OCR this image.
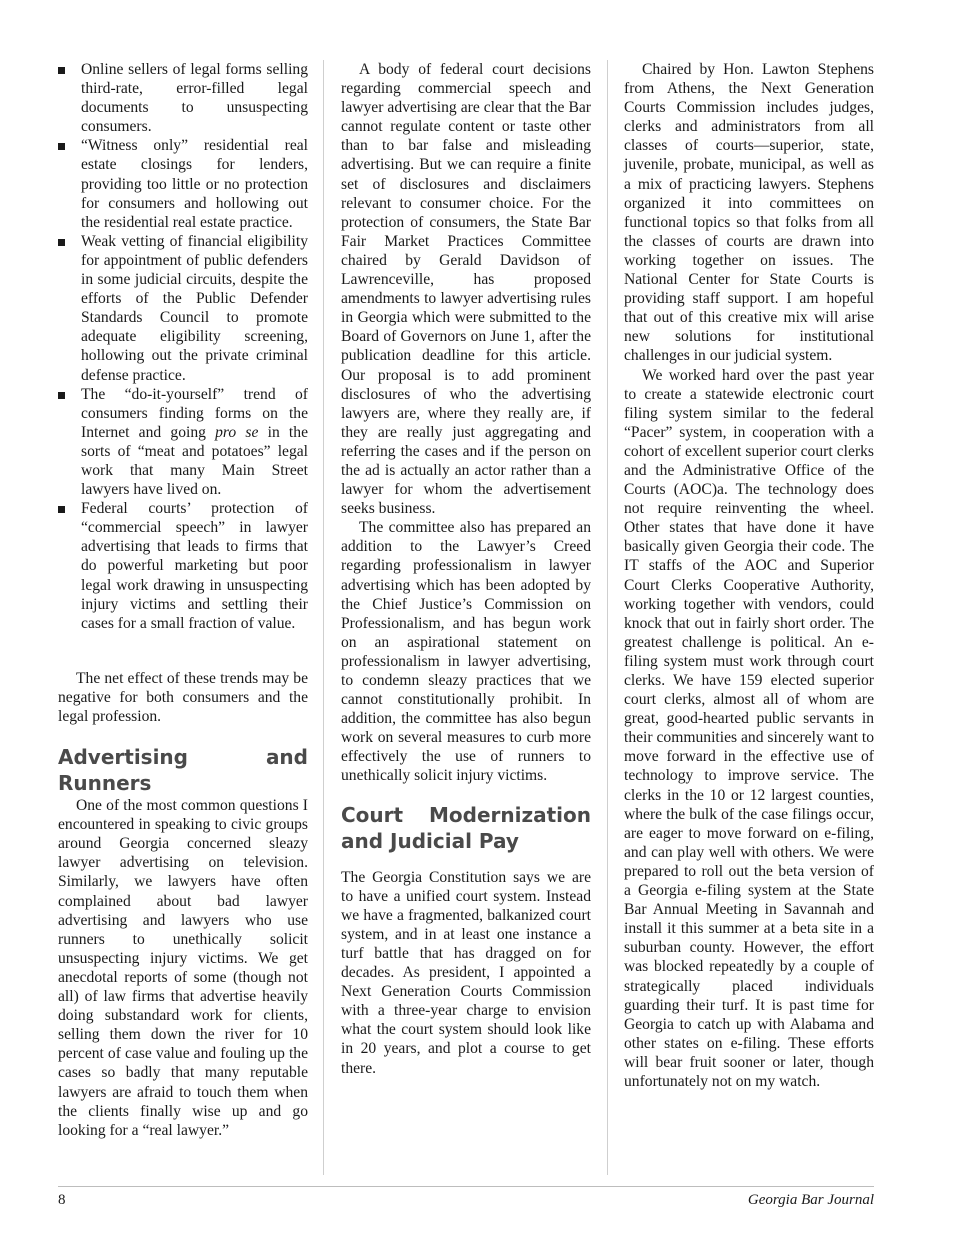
Online sellers of legal forms selling third-rate, error-filled legal documents to unsuspecting consumers.
“Witness only” residential real estate closings for lenders, providing too little or no protection for consumers and hollowing out the residential real estate practice.
Weak vetting of financial eligibility for appointment of public defenders in some judicial circuits, despite the efforts of the Public Defender Standards Council to promote adequate eligibility screening, hollowing out the private criminal defense practice.
The “do-it-yourself” trend of consumers finding forms on the Internet and going pro se in the sorts of “meat and potatoes” legal work that many Main Street lawyers have lived on.
Federal courts’ protection of “commercial speech” in lawyer advertising that leads to firms that do powerful marketing but poor legal work drawing in unsuspecting injury victims and settling their cases for a small fraction of value.

The net effect of these trends may be negative for both consumers and the legal profession.

Advertising and Runners

One of the most common questions I encountered in speaking to civic groups around Georgia concerned sleazy lawyer advertising on television. Similarly, we lawyers have often complained about bad lawyer advertising and lawyers who use runners to unethically solicit unsuspecting injury victims. We get anecdotal reports of some (though not all) of law firms that advertise heavily doing substandard work for clients, selling them down the river for 10 percent of case value and fouling up the cases so badly that many reputable lawyers are afraid to touch them when the clients finally wise up and go looking for a “real lawyer.”

A body of federal court decisions regarding commercial speech and lawyer advertising are clear that the Bar cannot regulate content or taste other than to bar false and misleading advertising. But we can require a finite set of disclosures and disclaimers relevant to consumer choice. For the protection of consumers, the State Bar Fair Market Practices Committee chaired by Gerald Davidson of Lawrenceville, has proposed amendments to lawyer advertising rules in Georgia which were submitted to the Board of Governors on June 1, after the publication deadline for this article. Our proposal is to add prominent disclosures of who the advertising lawyers are, where they really are, if they are really just aggregating and referring the cases and if the person on the ad is actually an actor rather than a lawyer for whom the advertisement seeks business.

The committee also has prepared an addition to the Lawyer’s Creed regarding professionalism in lawyer advertising which has been adopted by the Chief Justice’s Commission on Professionalism, and has begun work on an aspirational statement on professionalism in lawyer advertising, to condemn sleazy practices that we cannot constitutionally prohibit. In addition, the committee has also begun work on several measures to curb more effectively the use of runners to unethically solicit injury victims.

Court Modernization and Judicial Pay

The Georgia Constitution says we are to have a unified court system. Instead we have a fragmented, balkanized court system, and in at least one instance a turf battle that has dragged on for decades. As president, I appointed a Next Generation Courts Commission with a three-year charge to envision what the court system should look like in 20 years, and plot a course to get there.

Chaired by Hon. Lawton Stephens from Athens, the Next Generation Courts Commission includes judges, clerks and administrators from all classes of courts—superior, state, juvenile, probate, municipal, as well as a mix of practicing lawyers. Stephens organized it into committees on functional topics so that folks from all the classes of courts are drawn into working together on issues. The National Center for State Courts is providing staff support. I am hopeful that out of this creative mix will arise new solutions for institutional challenges in our judicial system.

We worked hard over the past year to create a statewide electronic court filing system similar to the federal “Pacer” system, in cooperation with a cohort of excellent superior court clerks and the Administrative Office of the Courts (AOC)a. The technology does not require reinventing the wheel. Other states that have done it have basically given Georgia their code. The IT staffs of the AOC and Superior Court Clerks Cooperative Authority, working together with vendors, could knock that out in fairly short order. The greatest challenge is political. An e-filing system must work through court clerks. We have 159 elected superior court clerks, almost all of whom are great, good-hearted public servants in their communities and sincerely want to move forward in the effective use of technology to improve service. The clerks in the 10 or 12 largest counties, where the bulk of the case filings occur, are eager to move forward on e-filing, and can play well with others. We were prepared to roll out the beta version of a Georgia e-filing system at the State Bar Annual Meeting in Savannah and install it this summer at a beta site in a suburban county. However, the effort was blocked repeatedly by a couple of strategically placed individuals guarding their turf. It is past time for Georgia to catch up with Alabama and other states on e-filing. These efforts will bear fruit sooner or later, though unfortunately not on my watch.

8	Georgia Bar Journal
